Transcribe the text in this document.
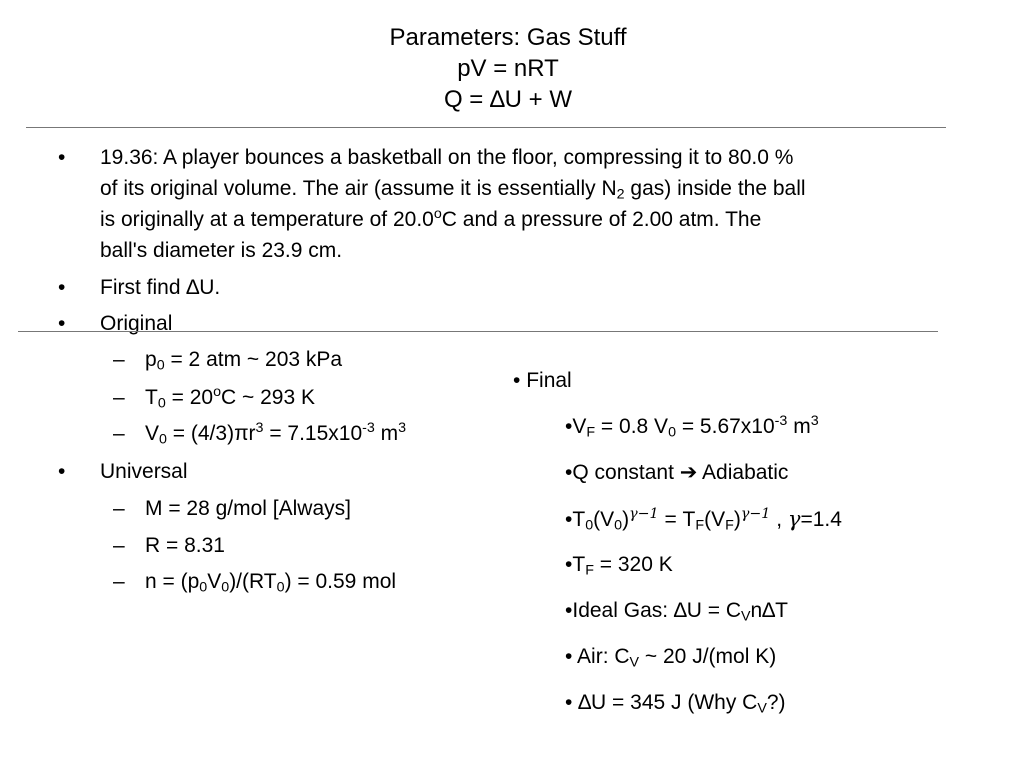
Parameters: Gas Stuff
pV = nRT
Q = ∆U + W
• 19.36: A player bounces a basketball on the floor, compressing it to 80.0 %
of its original volume. The air (assume it is essentially $N_2$ gas) inside the ball
is originally at a temperature of 20.0$^o$C and a pressure of 2.00 atm. The
ball's diameter is 23.9 cm.
• First find ∆U.
• Original
– $p_0 = 2$ atm ~ 203 kPa
– $T_0 = 20^oC$ ~ 293 K
– $V_0 = (4/3)\pi r^3 = 7.15x10^{-3}$ $m^3$
• Universal
– M = 28 g/mol [Always]
– R = 8.31
– $n = (p_0V_0)/(RT_0) = 0.59$ mol
• Final
$•V_F = 0.8$ $V_0 = 5.67x10^{-3}$ $m^3$
•Q constant ➔ Adiabatic
$•T_0(V_0)^{\gamma-1} = T_F(V_F)^{\gamma-1}$ , γ=1.4
$•T_F = 320$ K
•Ideal Gas: $\Delta U = C_Vn\Delta T$
• Air: $C_V$ ~ 20 J/(mol K)
• ∆U = 345 J (Why $C_V$?)
